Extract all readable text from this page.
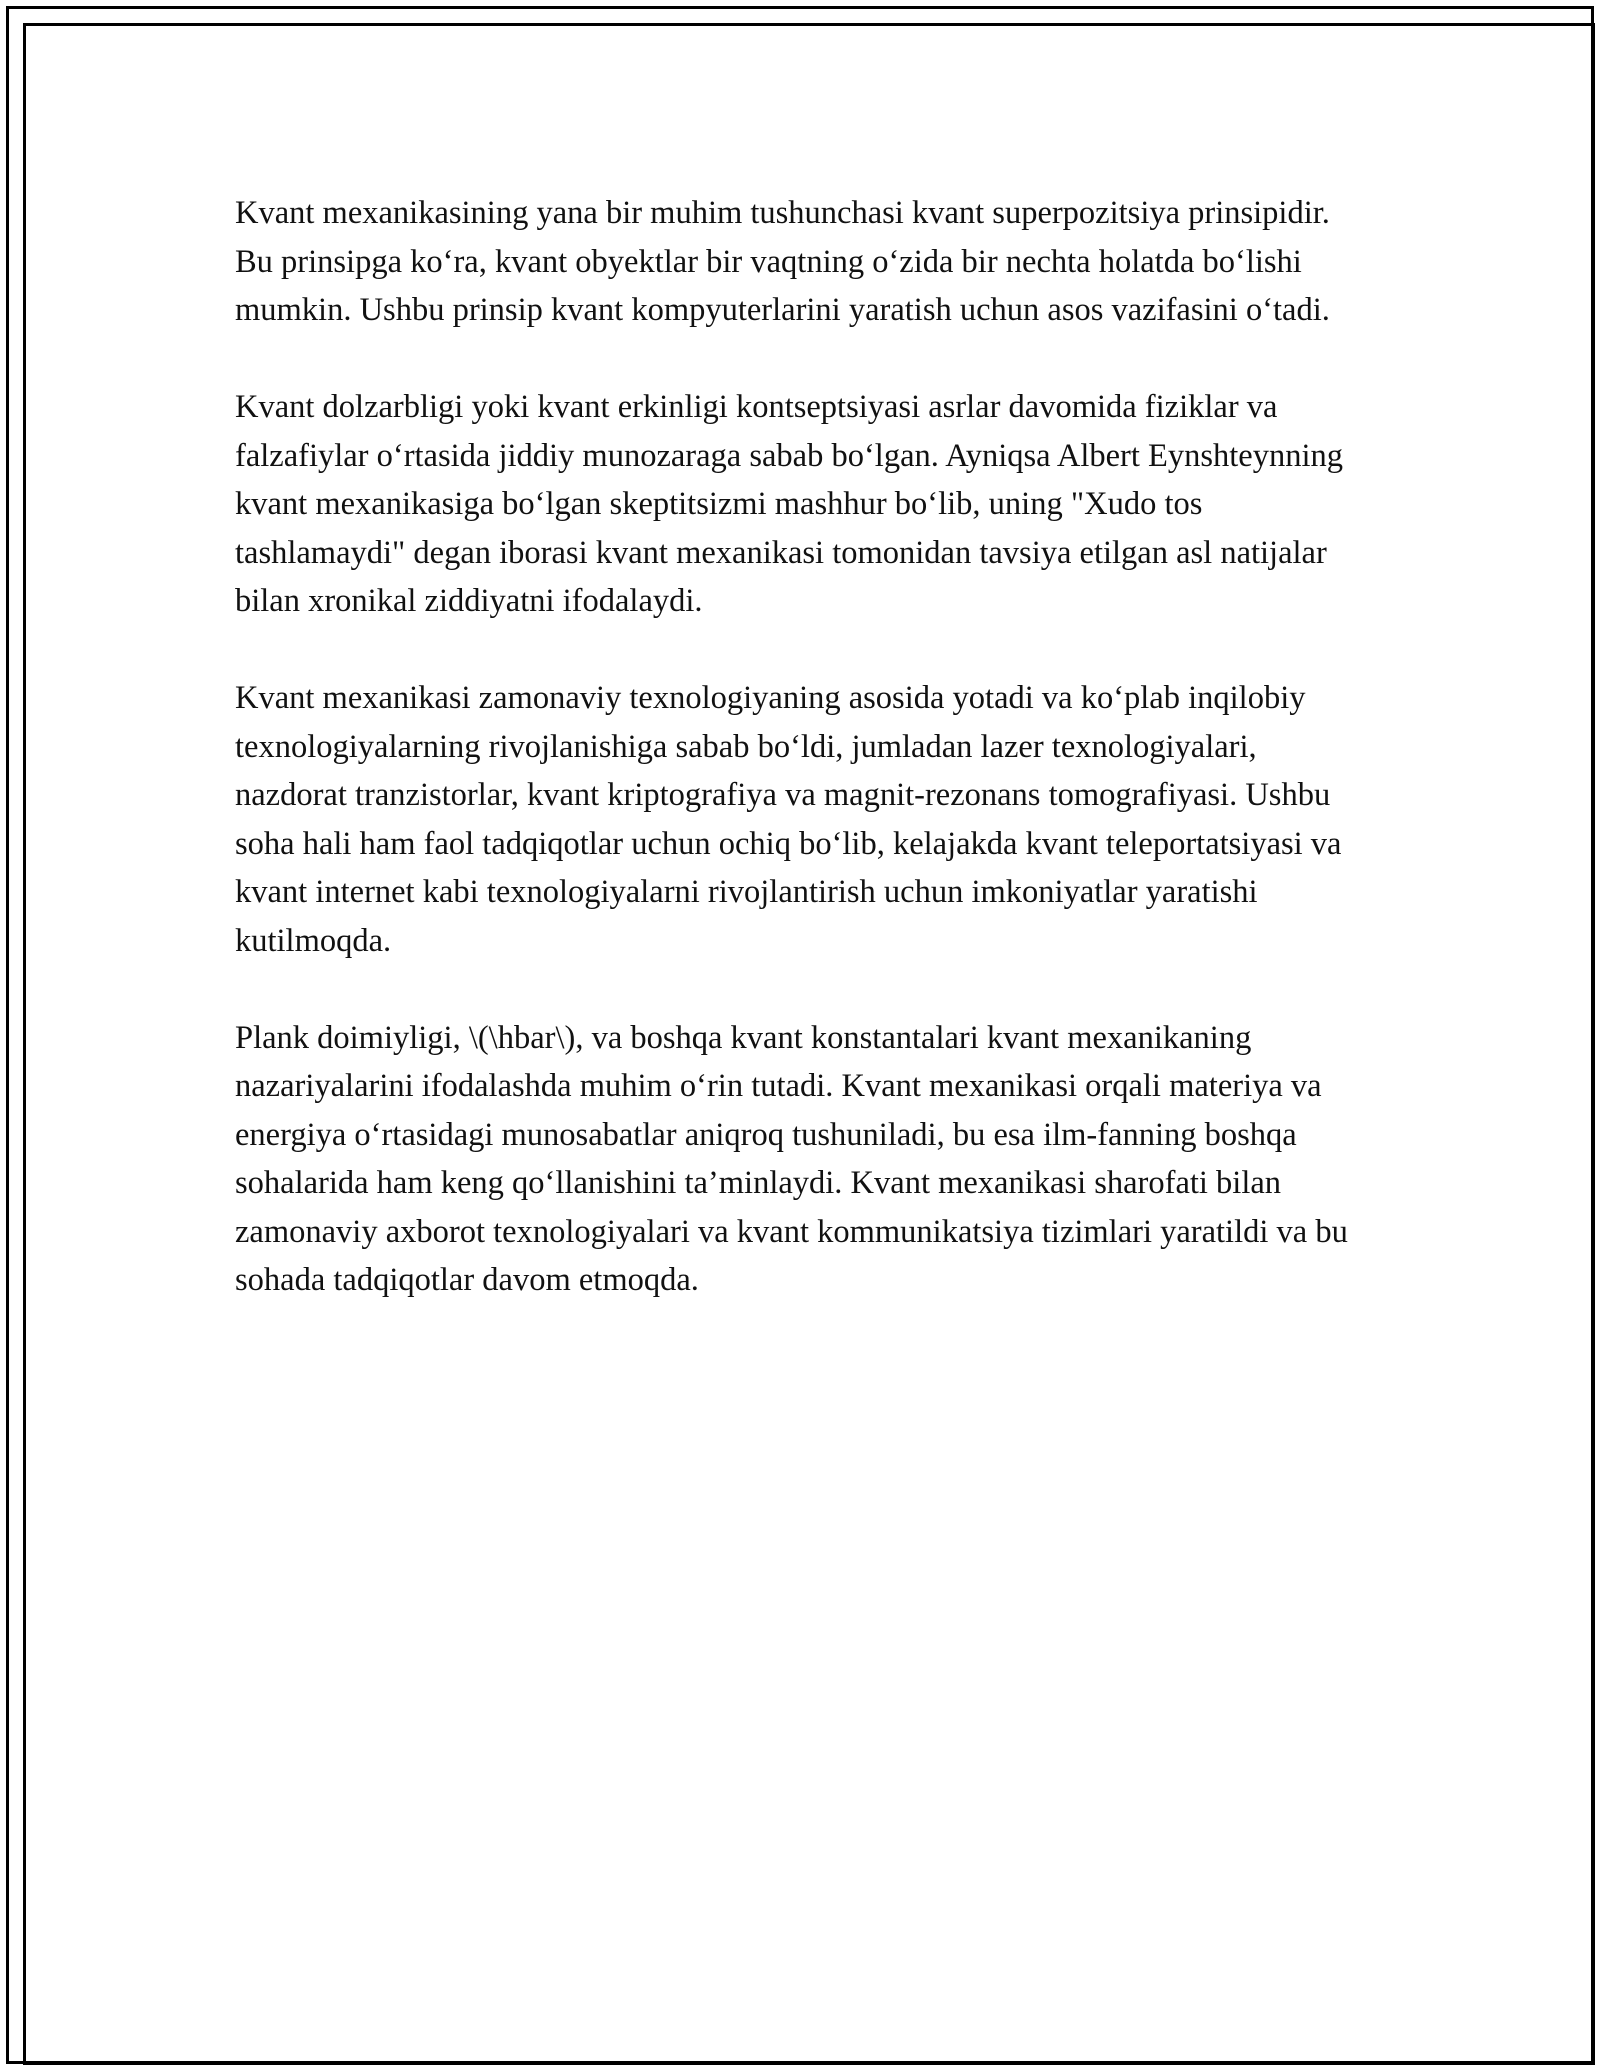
Kvant mexanikasining yana bir muhim tushunchasi kvant superpozitsiya prinsipidir. Bu prinsipga koʻra, kvant obyektlar bir vaqtning oʻzida bir nechta holatda boʻlishi mumkin. Ushbu prinsip kvant kompyuterlarini yaratish uchun asos vazifasini oʻtadi.

Kvant dolzarbligi yoki kvant erkinligi kontseptsiyasi asrlar davomida fiziklar va falzafiylar oʻrtasida jiddiy munozaraga sabab boʻlgan. Ayniqsa Albert Eynshteynning kvant mexanikasiga boʻlgan skeptitsizmi mashhur boʻlib, uning "Xudo tos tashlamaydi" degan iborasi kvant mexanikasi tomonidan tavsiya etilgan asl natijalar bilan xronikal ziddiyatni ifodalaydi.

Kvant mexanikasi zamonaviy texnologiyaning asosida yotadi va koʻplab inqilobiy texnologiyalarning rivojlanishiga sabab boʻldi, jumladan lazer texnologiyalari, nazdorat tranzistorlar, kvant kriptografiya va magnit-rezonans tomografiyasi. Ushbu soha hali ham faol tadqiqotlar uchun ochiq boʻlib, kelajakda kvant teleportatsiyasi va kvant internet kabi texnologiyalarni rivojlantirish uchun imkoniyatlar yaratishi kutilmoqda.

Plank doimiyligi, \(\hbar\), va boshqa kvant konstantalari kvant mexanikaning nazariyalarini ifodalashda muhim oʻrin tutadi. Kvant mexanikasi orqali materiya va energiya oʻrtasidagi munosabatlar aniqroq tushuniladi, bu esa ilm-fanning boshqa sohalarida ham keng qoʻllanishini ta’minlaydi. Kvant mexanikasi sharofati bilan zamonaviy axborot texnologiyalari va kvant kommunikatsiya tizimlari yaratildi va bu sohada tadqiqotlar davom etmoqda.
